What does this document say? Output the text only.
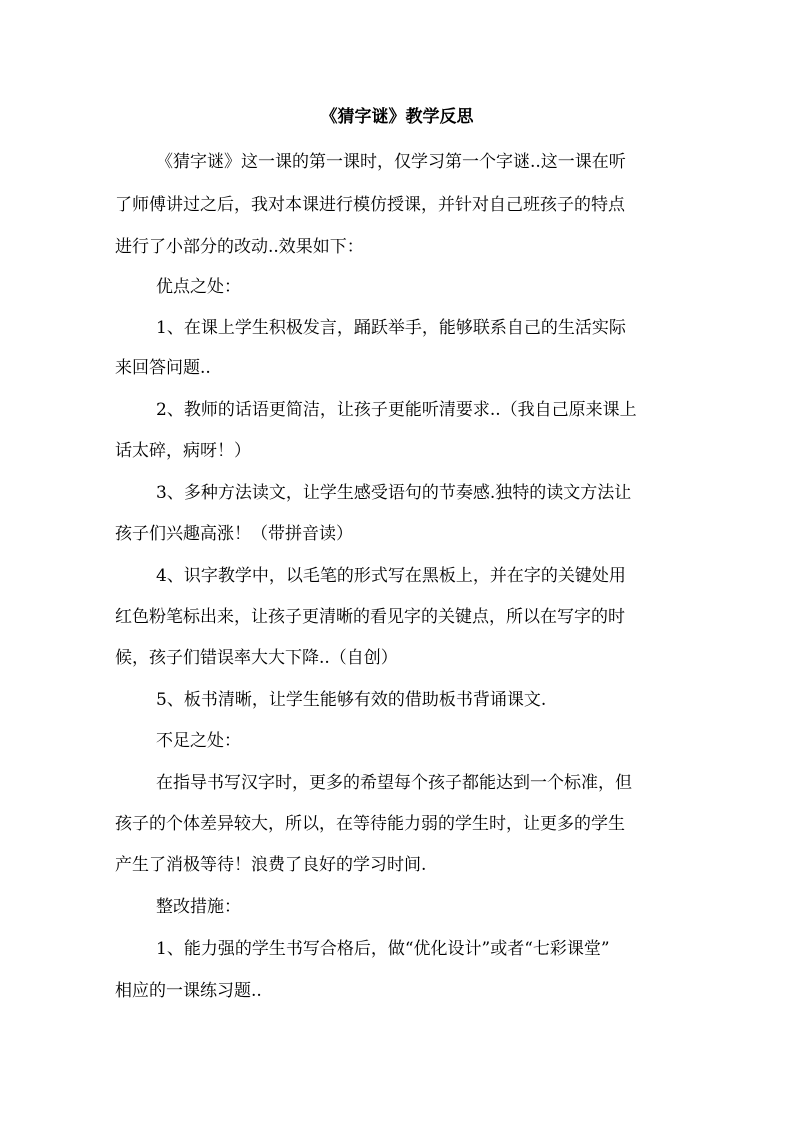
《猜字谜》教学反思
《猜字谜》这一课的第一课时，仅学习第一个字谜..这一课在听
了师傅讲过之后，我对本课进行模仿授课，并针对自己班孩子的特点
进行了小部分的改动..效果如下：
优点之处：
1、在课上学生积极发言，踊跃举手，能够联系自己的生活实际
来回答问题..
2、教师的话语更简洁，让孩子更能听清要求..（我自己原来课上
话太碎，病呀！）
3、多种方法读文，让学生感受语句的节奏感.独特的读文方法让
孩子们兴趣高涨！（带拼音读）
4、识字教学中，以毛笔的形式写在黑板上，并在字的关键处用
红色粉笔标出来，让孩子更清晰的看见字的关键点，所以在写字的时
候，孩子们错误率大大下降..（自创）
5、板书清晰，让学生能够有效的借助板书背诵课文.
不足之处：
在指导书写汉字时，更多的希望每个孩子都能达到一个标准，但
孩子的个体差异较大，所以，在等待能力弱的学生时，让更多的学生
产生了消极等待！浪费了良好的学习时间.
整改措施：
1、能力强的学生书写合格后，做“优化设计”或者“七彩课堂”
相应的一课练习题..
